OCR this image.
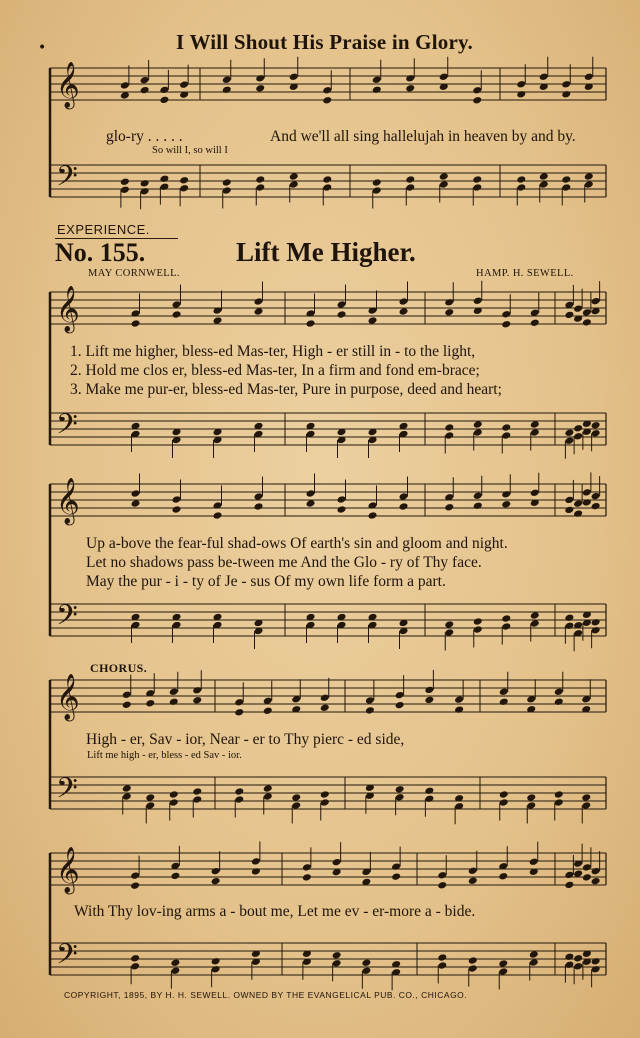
•
𝄞
𝄢
𝄞
𝄢
𝄞
𝄢
𝄞
𝄢
𝄞
𝄢
I Will Shout His Praise in Glory.
glo-ry . . . . .	And we'll all sing hallelujah in heaven by and by.
So will I, so will I
EXPERIENCE.
No. 155.	Lift Me Higher.
MAY CORNWELL.	HAMP. H. SEWELL.
1. Lift me higher, bless-ed Mas-ter, High - er still in - to the light,
2. Hold me clos er, bless-ed Mas-ter, In a firm and fond em-brace;
3. Make me pur-er, bless-ed Mas-ter, Pure in purpose, deed and heart;
Up a-bove the fear-ful shad-ows Of earth's sin and gloom and night.
Let no shadows pass be-tween me And the Glo - ry of Thy face.
May the pur - i - ty of Je - sus Of my own life form a part.
CHORUS.
High - er, Sav - ior, Near - er to Thy pierc - ed side,
Lift me high - er, bless - ed Sav - ior.
With Thy lov-ing arms a - bout me, Let me ev - er-more a - bide.
COPYRIGHT, 1895, BY H. H. SEWELL. OWNED BY THE EVANGELICAL PUB. CO., CHICAGO.
